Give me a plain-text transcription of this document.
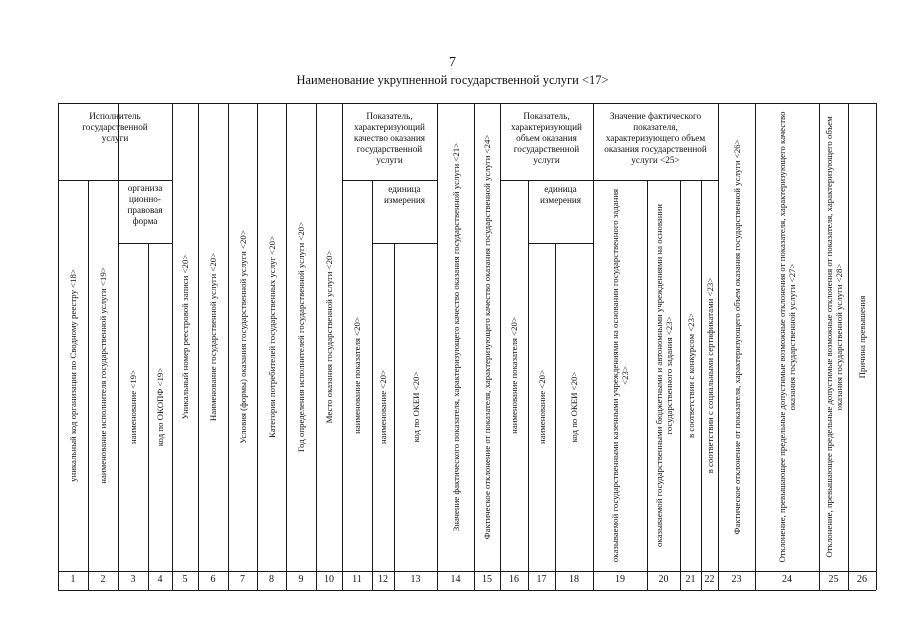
7
Наименование укрупненной государственной услуги <17>
Исполнитель
государственной
услуги
организа
ционно-
правовая
форма
Показатель,
характеризующий
качество оказания
государственной
услуги
единица
измерения
Показатель,
характеризующий
объем оказания
государственной
услуги
единица
измерения
Значение фактического
показателя,
характеризующего объем
оказания государственной
услуги <25>
уникальный код организации по Сводному реестру <18>
1
наименование исполнителя государственной услуги <19>
2
наименование <19>
3
код по ОКОПФ <19>
4
Уникальный номер реестровой записи <20>
5
Наименование государственной услуги <20>
6
Условия (формы) оказания государственной услуги <20>
7
Категории потребителей государственных услуг <20>
8
Год определения исполнителей государственной услуги <20>
9
Место оказания государственной услуги <20>
10
наименование показателя <20>
11
наименование <20>
12
код по ОКЕИ <20>
13
Значение фактического показателя, характеризующего качество оказания государственной услуги <21>
14
Фактическое отклонение от показателя, характеризующего качество оказания государственной услуги <24>
15
наименование показателя <20>
16
наименование <20>
17
код по ОКЕИ <20>
18
оказываемой государственными казенными учреждениями на основании государственного задания <23>
19
оказываемой государственными бюджетными и автономными учреждениями на основании государственного задания <23>
20
в соответствии с конкурсом <23>
21
в соответствии с социальными сертификатами <23>
22
Фактическое отклонение от показателя, характеризующего объем оказания государственной услуги <26>
23
Отклонение, превышающее предельные допустимые возможные отклонения от показателя, характеризующего качество оказания государственной услуги <27>
24
Отклонение, превышающее предельные допустимые возможные отклонения от показателя, характеризующего объем оказания государственной услуги <28>
25
Причина превышения
26
